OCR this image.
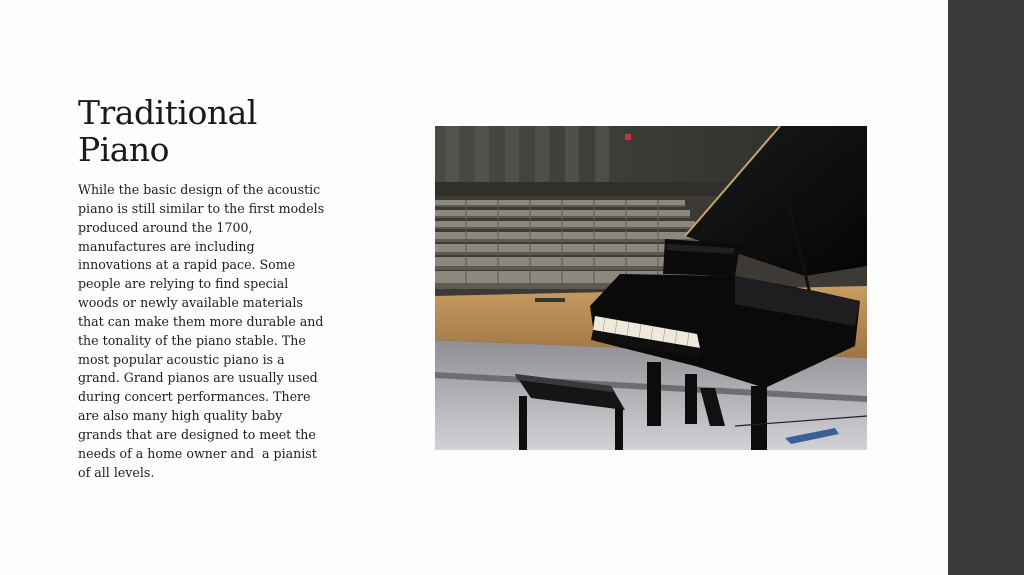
Traditional
Piano

While the basic design of the acoustic
piano is still similar to the first models
produced around the 1700,
manufactures are including
innovations at a rapid pace. Some
people are relying to find special
woods or newly available materials
that can make them more durable and
the tonality of the piano stable. The
most popular acoustic piano is a
grand. Grand pianos are usually used
during concert performances. There
are also many high quality baby
grands that are designed to meet the
needs of a home owner and  a pianist
of all levels.
